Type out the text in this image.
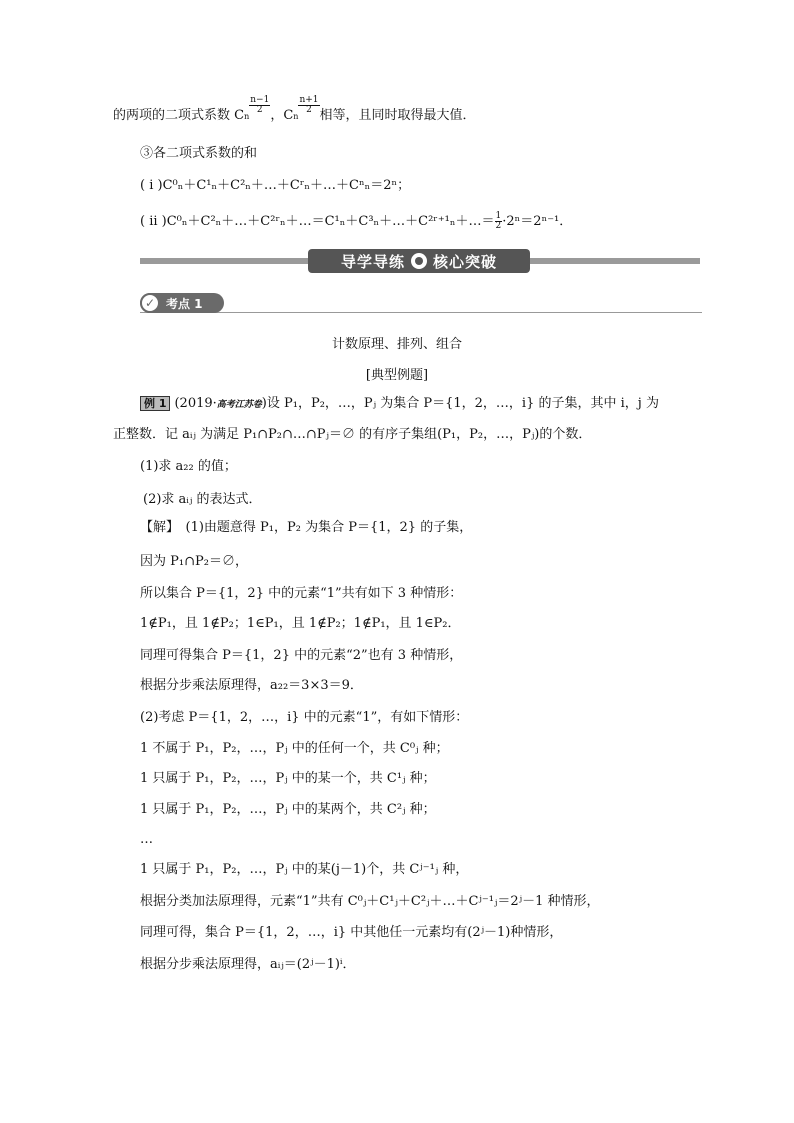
的两项的二项式系数 Cn
$\frac{n-1}{2}$
，Cn
$\frac{n+1}{2}$
相等，且同时取得最大值．
③各二项式系数的和
( i )C⁰ₙ＋C¹ₙ＋C²ₙ＋…＋Cʳₙ＋…＋Cⁿₙ＝2ⁿ；
( ii )C⁰ₙ＋C²ₙ＋…＋C²ʳₙ＋…＝C¹ₙ＋C³ₙ＋…＋C²ʳ⁺¹ₙ＋…＝ $\frac{1}{2} \cdot 2^n=2^{n-1}$．
导学导练 核心突破
✓ 考点 1
计数原理、排列、组合
[典型例题]
例 1 (2019·高考江苏卷)设 P₁，P₂，…，Pⱼ 为集合 P＝{1，2，…，i} 的子集，其中 i，j 为
正整数．记 aᵢⱼ 为满足 P₁∩P₂∩…∩Pⱼ＝∅ 的有序子集组(P₁，P₂，…，Pⱼ)的个数．
(1)求 a₂₂ 的值；
(2)求 aᵢⱼ 的表达式．
【解】　(1)由题意得 P₁，P₂ 为集合 P＝{1，2} 的子集，
因为 P₁∩P₂＝∅，
所以集合 P＝{1，2} 中的元素“1”共有如下 3 种情形：
1∉P₁，且 1∉P₂；1∈P₁，且 1∉P₂；1∉P₁，且 1∈P₂．
同理可得集合 P＝{1，2} 中的元素“2”也有 3 种情形，
根据分步乘法原理得，a₂₂＝3×3＝9．
(2)考虑 P＝{1，2，…，i} 中的元素“1”，有如下情形：
1 不属于 P₁，P₂，…，Pⱼ 中的任何一个，共 C⁰ⱼ 种；
1 只属于 P₁，P₂，…，Pⱼ 中的某一个，共 C¹ⱼ 种；
1 只属于 P₁，P₂，…，Pⱼ 中的某两个，共 C²ⱼ 种；
…
1 只属于 P₁，P₂，…，Pⱼ 中的某(j－1)个，共 Cʲ⁻¹ⱼ 种，
根据分类加法原理得，元素“1”共有 C⁰ⱼ＋C¹ⱼ＋C²ⱼ＋…＋Cʲ⁻¹ⱼ＝2ʲ－1 种情形，
同理可得，集合 P＝{1，2，…，i} 中其他任一元素均有(2ʲ－1)种情形，
根据分步乘法原理得，aᵢⱼ＝(2ʲ－1)ⁱ．
